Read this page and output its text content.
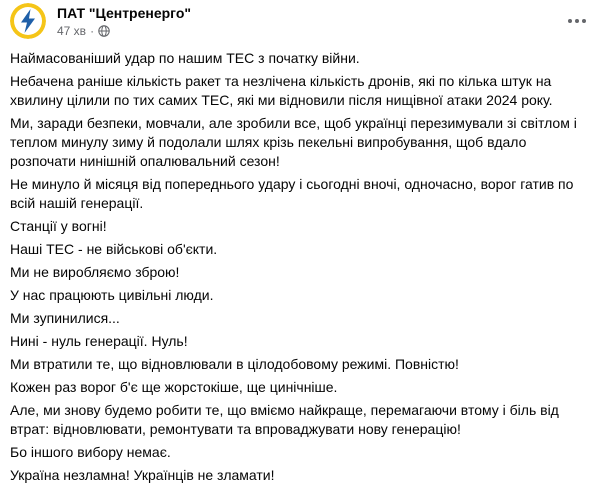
ПАТ "Центренерго"
47 хв ·

Наймасованіший удар по нашим ТЕС з початку війни.

Небачена раніше кількість ракет та незлічена кількість дронів, які по кілька штук на хвилину цілили по тих самих ТЕС, які ми відновили після нищівної атаки 2024 року.

Ми, заради безпеки, мовчали, але зробили все, щоб українці перезимували зі світлом і теплом минулу зиму й подолали шлях крізь пекельні випробування, щоб вдало розпочати нинішній опалювальний сезон!

Не минуло й місяця від попереднього удару і сьогодні вночі, одночасно, ворог гатив по всій нашій генерації.

Станції у вогні!

Наші ТЕС - не військові об'єкти.

Ми не виробляємо зброю!

У нас працюють цивільні люди.

Ми зупинилися...

Нині - нуль генерації. Нуль!

Ми втратили те, що відновлювали в цілодобовому режимі. Повністю!

Кожен раз ворог б'є ще жорстокіше, ще цинічніше.

Але, ми знову будемо робити те, що вміємо найкраще, перемагаючи втому і біль від втрат: відновлювати, ремонтувати та впроваджувати нову генерацію!

Бо іншого вибору немає.

Україна незламна! Українців не зламати!
